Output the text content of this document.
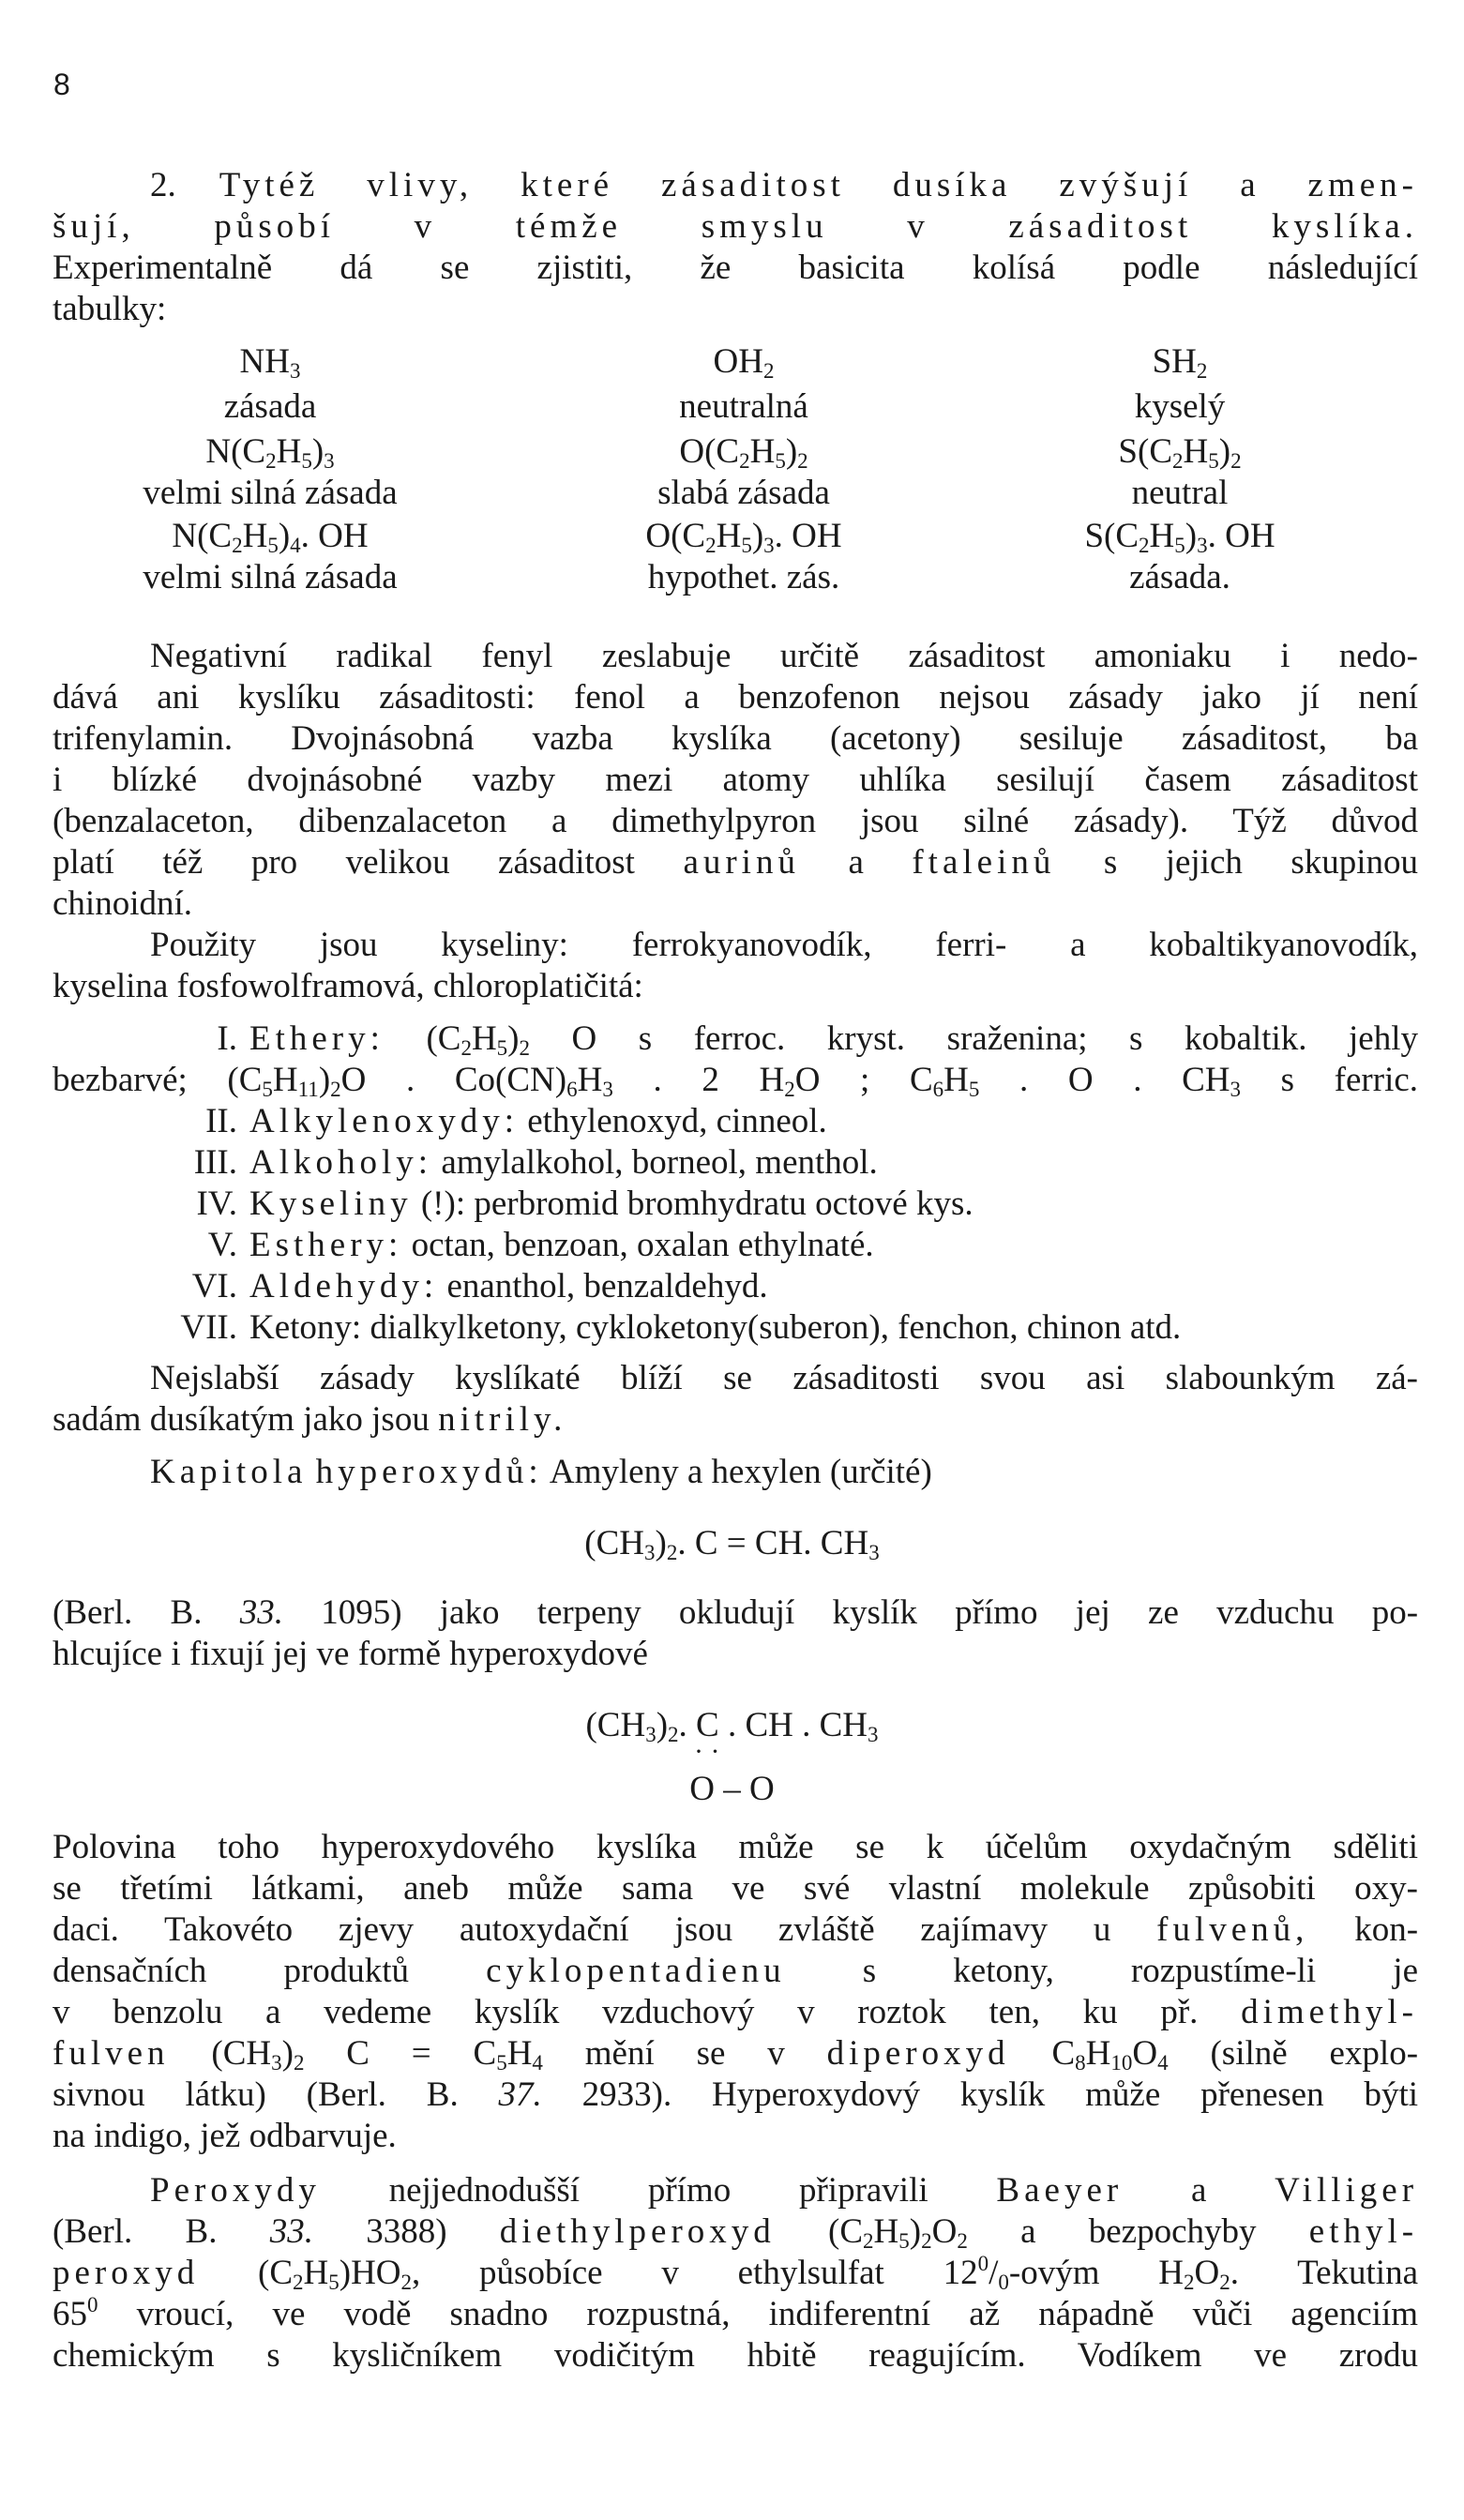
8
2. Tytéž vlivy, které zásaditost dusíka zvýšují a zmen-
šují, působí v témže smyslu v zásaditost kyslíka.
Experimentalně dá se zjistiti, že basicita kolísá podle následující
tabulky:
$NH_3$
zásada
$N(C_2H_5)_3$
velmi silná zásada
$N(C_2H_5)_4$. OH
velmi silná zásada
$OH_2$
neutralná
$O(C_2H_5)_2$
slabá zásada
$O(C_2H_5)_3$. OH
hypothet. zás.
$SH_2$
kyselý
$S(C_2H_5)_2$
neutral
$S(C_2H_5)_3$. OH
zásada.
Negativní radikal fenyl zeslabuje určitě zásaditost amoniaku i nedo-
dává ani kyslíku zásaditosti: fenol a benzofenon nejsou zásady jako jí není
trifenylamin. Dvojnásobná vazba kyslíka (acetony) sesiluje zásaditost, ba
i blízké dvojnásobné vazby mezi atomy uhlíka sesilují časem zásaditost
(benzalaceton, dibenzalaceton a dimethylpyron jsou silné zásady). Týž důvod
platí též pro velikou zásaditost aurinů a ftaleinů s jejich skupinou
chinoidní.
Použity jsou kyseliny: ferrokyanovodík, ferri- a kobaltikyanovodík,
kyselina fosfowolframová, chloroplatičitá:
I. Ethery: $(C_2H_5)_2$ O s ferroc. kryst. sraženina; s kobaltik. jehly
bezbarvé; $(C_5H_{11})_2O$ . $Co(CN)_6H_3$ . 2 $H_2O$ ; $C_6H_5$ . O . $CH_3$ s ferric.
II. Alkylenoxydy: ethylenoxyd, cinneol.
III. Alkoholy: amylalkohol, borneol, menthol.
IV. Kyseliny (!): perbromid bromhydratu octové kys.
V. Esthery: octan, benzoan, oxalan ethylnaté.
VI. Aldehydy: enanthol, benzaldehyd.
VII. Ketony: dialkylketony, cykloketony(suberon), fenchon, chinon atd.
Nejslabší zásady kyslíkaté blíží se zásaditosti svou asi slabounkým zá-
sadám dusíkatým jako jsou nitrily.
Kapitola hyperoxydů: Amyleny a hexylen (určité)
$(CH_3)_2$. C = CH. $CH_3$
(Berl. B. 33. 1095) jako terpeny okludují kyslík přímo jej ze vzduchu po-
hlcujíce i fixují jej ve formě hyperoxydové
$(CH_3)_2$. C . CH . $CH_3$
· ·
O – O
Polovina toho hyperoxydového kyslíka může se k účelům oxydačným sděliti
se třetími látkami, aneb může sama ve své vlastní molekule způsobiti oxy-
daci. Takovéto zjevy autoxydační jsou zvláště zajímavy u fulvenů, kon-
densačních produktů cyklopentadienu s ketony, rozpustíme-li je
v benzolu a vedeme kyslík vzduchový v roztok ten, ku př. dimethyl-
fulven $(CH_3)_2$ $C = C_5H_4$ mění se v diperoxyd $C_8H_{10}O_4$ (silně explo-
sivnou látku) (Berl. B. 37. 2933). Hyperoxydový kyslík může přenesen býti
na indigo, jež odbarvuje.
Peroxydy nejjednodušší přímo připravili Baeyer a Villiger
(Berl. B. 33. 3388) diethylperoxyd $(C_2H_5)_2O_2$ a bezpochyby ethyl-
peroxyd $(C_2H_5)HO_2$, působíce v ethylsulfat $12^0/_0$-ovým $H_2O_2$. Tekutina
$65^0$ vroucí, ve vodě snadno rozpustná, indiferentní až nápadně vůči agenciím
chemickým s kysličníkem vodičitým hbitě reagujícím. Vodíkem ve zrodu
